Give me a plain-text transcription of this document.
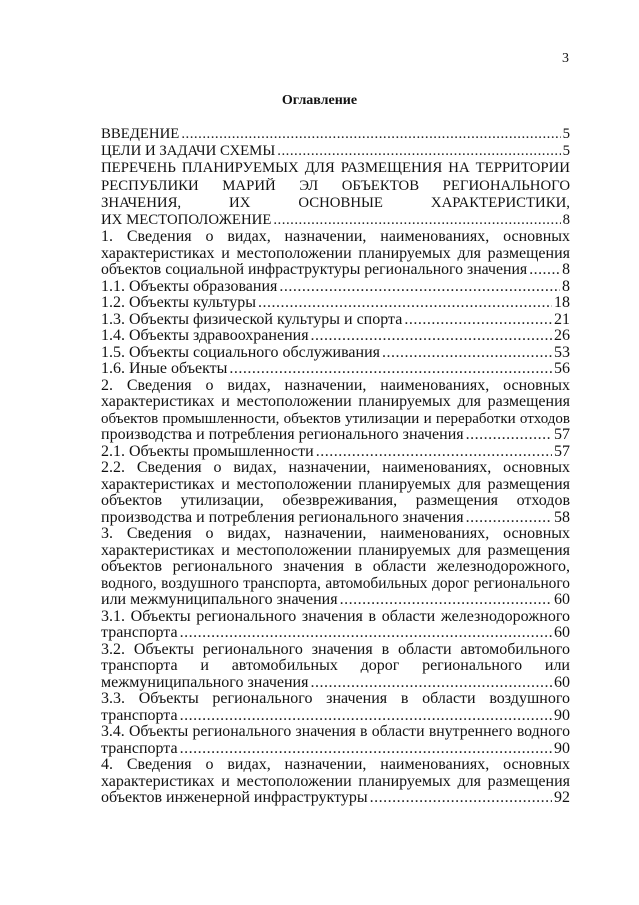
3
Оглавление
ВВЕДЕНИЕ .....	5
ЦЕЛИ И ЗАДАЧИ СХЕМЫ .....	5
ПЕРЕЧЕНЬ ПЛАНИРУЕМЫХ ДЛЯ РАЗМЕЩЕНИЯ НА ТЕРРИТОРИИ
РЕСПУБЛИКИ МАРИЙ ЭЛ ОБЪЕКТОВ РЕГИОНАЛЬНОГО
ЗНАЧЕНИЯ, ИХ ОСНОВНЫЕ ХАРАКТЕРИСТИКИ,
ИХ МЕСТОПОЛОЖЕНИЕ .....	8
1. Сведения о видах, назначении, наименованиях, основных
характеристиках и местоположении планируемых для размещения
объектов социальной инфраструктуры регионального значения ..... 8
1.1. Объекты образования .....	8
1.2. Объекты культуры .....	18
1.3. Объекты физической культуры и спорта .....	21
1.4. Объекты здравоохранения .....	26
1.5. Объекты социального обслуживания .....	53
1.6. Иные объекты .....	56
2. Сведения о видах, назначении, наименованиях, основных
характеристиках и местоположении планируемых для размещения
объектов промышленности, объектов утилизации и переработки отходов
производства и потребления регионального значения .....	57
2.1. Объекты промышленности .....	57
2.2. Сведения о видах, назначении, наименованиях, основных
характеристиках и местоположении планируемых для размещения
объектов утилизации, обезвреживания, размещения отходов
производства и потребления регионального значения .....	58
3. Сведения о видах, назначении, наименованиях, основных
характеристиках и местоположении планируемых для размещения
объектов регионального значения в области железнодорожного,
водного, воздушного транспорта, автомобильных дорог регионального
или межмуниципального значения .....	60
3.1. Объекты регионального значения в области железнодорожного
транспорта .....	60
3.2. Объекты регионального значения в области автомобильного
транспорта и автомобильных дорог регионального или
межмуниципального значения .....	60
3.3. Объекты регионального значения в области воздушного
транспорта .....	90
3.4. Объекты регионального значения в области внутреннего водного
транспорта .....	90
4. Сведения о видах, назначении, наименованиях, основных
характеристиках и местоположении планируемых для размещения
объектов инженерной инфраструктуры .....	92
